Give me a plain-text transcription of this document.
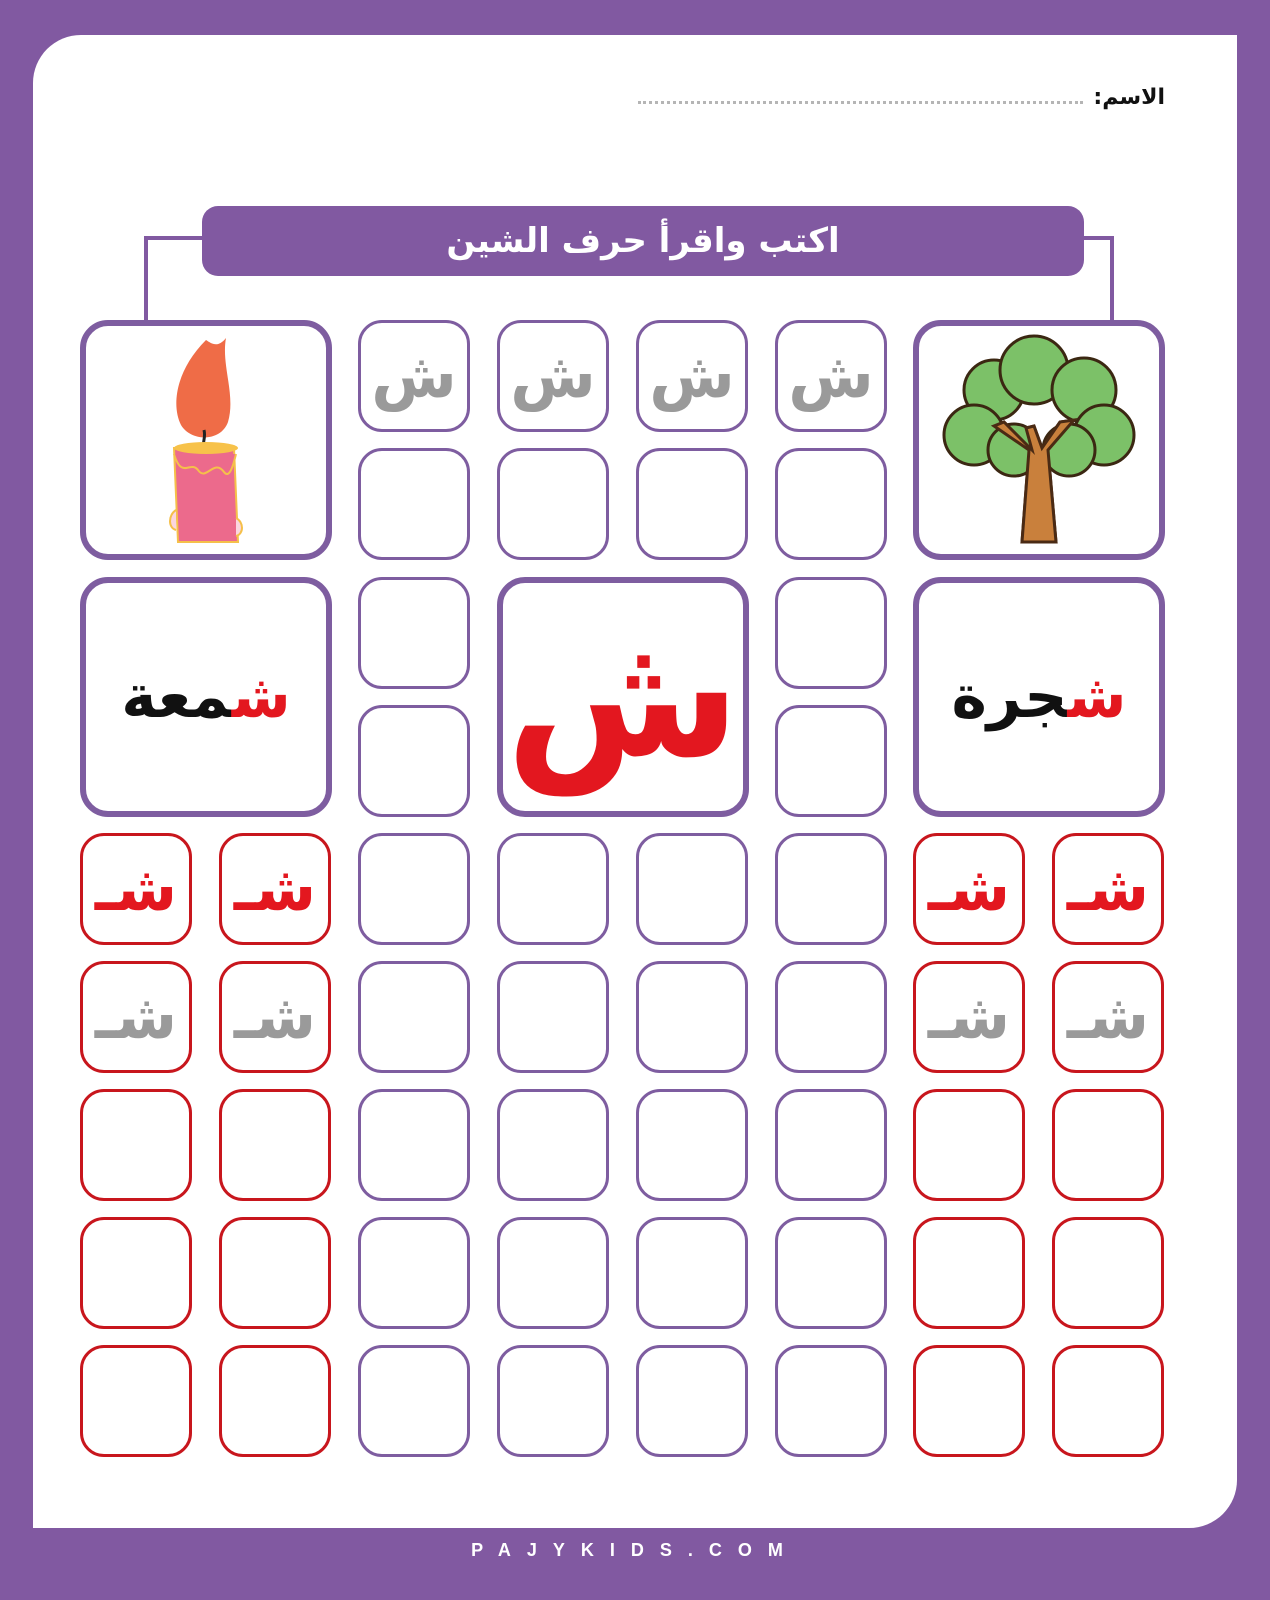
الاسم:
اكتب واقرأ حرف الشين
ش ش ش ش
شمعة	شجرة
ش
شـ شـ	شـ شـ
شـ شـ	شـ شـ
PAJYKIDS.COM
